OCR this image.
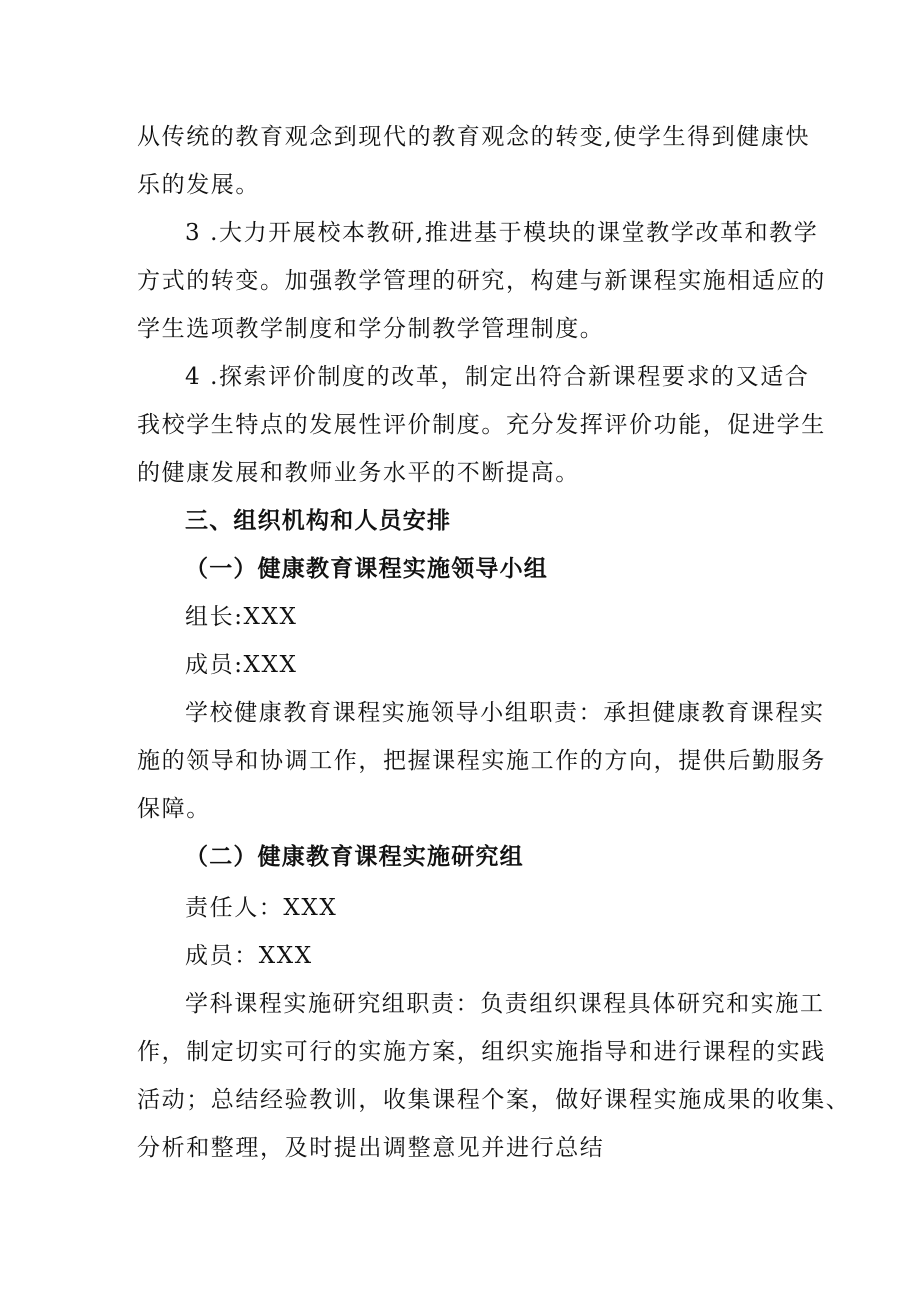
从传统的教育观念到现代的教育观念的转变,使学生得到健康快
乐的发展。
3 .大力开展校本教研,推进基于模块的课堂教学改革和教学
方式的转变。加强教学管理的研究，构建与新课程实施相适应的
学生选项教学制度和学分制教学管理制度。
4 .探索评价制度的改革，制定出符合新课程要求的又适合
我校学生特点的发展性评价制度。充分发挥评价功能，促进学生
的健康发展和教师业务水平的不断提高。
三、组织机构和人员安排
（一）健康教育课程实施领导小组
组长:XXX
成员:XXX
学校健康教育课程实施领导小组职责：承担健康教育课程实
施的领导和协调工作，把握课程实施工作的方向，提供后勤服务
保障。
（二）健康教育课程实施研究组
责任人：XXX
成员：XXX
学科课程实施研究组职责：负责组织课程具体研究和实施工
作，制定切实可行的实施方案，组织实施指导和进行课程的实践
活动；总结经验教训，收集课程个案，做好课程实施成果的收集、
分析和整理，及时提出调整意见并进行总结
